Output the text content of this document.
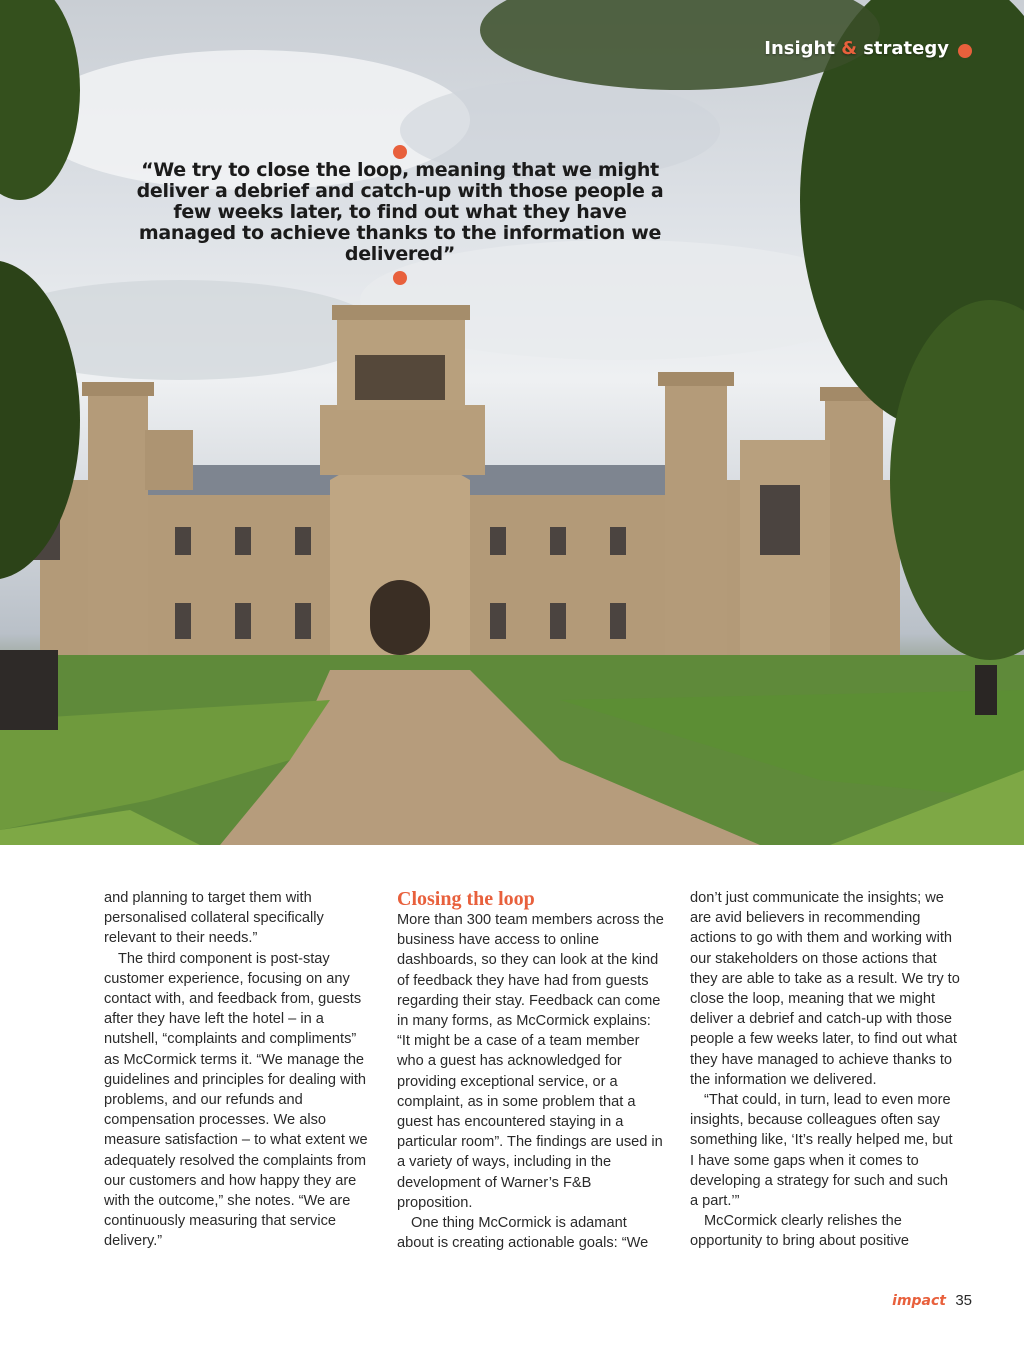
Insight & strategy

“We try to close the loop, meaning that we might deliver a debrief and catch-up with those people a few weeks later, to find out what they have managed to achieve thanks to the information we delivered”

and planning to target them with personalised collateral specifically relevant to their needs.”

The third component is post-stay customer experience, focusing on any contact with, and feedback from, guests after they have left the hotel – in a nutshell, “complaints and compliments” as McCormick terms it. “We manage the guidelines and principles for dealing with problems, and our refunds and compensation processes. We also measure satisfaction – to what extent we adequately resolved the complaints from our customers and how happy they are with the outcome,” she notes. “We are continuously measuring that service delivery.”

Closing the loop

More than 300 team members across the business have access to online dashboards, so they can look at the kind of feedback they have had from guests regarding their stay. Feedback can come in many forms, as McCormick explains: “It might be a case of a team member who a guest has acknowledged for providing exceptional service, or a complaint, as in some problem that a guest has encountered staying in a particular room”. The findings are used in a variety of ways, including in the development of Warner’s F&B proposition.

One thing McCormick is adamant about is creating actionable goals: “We

don’t just communicate the insights; we are avid believers in recommending actions to go with them and working with our stakeholders on those actions that they are able to take as a result. We try to close the loop, meaning that we might deliver a debrief and catch-up with those people a few weeks later, to find out what they have managed to achieve thanks to the information we delivered.

“That could, in turn, lead to even more insights, because colleagues often say something like, ‘It’s really helped me, but I have some gaps when it comes to developing a strategy for such and such a part.’”

McCormick clearly relishes the opportunity to bring about positive

impact 35
